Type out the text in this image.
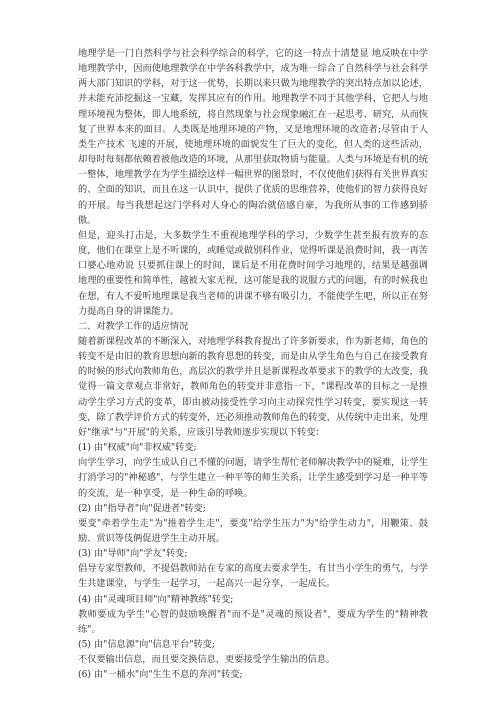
地理学是一门自然科学与社会科学综合的科学，它的这一特点十清楚显 地反映在中学地理教学中，因而使地理教学在中学各科教学中，成为唯一综合了自然科学与社会科学两大部门知识的学科，对于这一优势，长期以来只做为地理教学的突出特点加以论述，并未能充沛挖掘这一宝藏，发挥其应有的作用。地理教学不同于其他学科，它把人与地理环境视为整体，即人地系统，将自然现象与社会现象融汇在一起思考、研究，从而恢复了世界本来的面目。人类既是地理环境的产物，又是地理环境的改造者;尽管由于人类生产技术 飞速的开展，使地理环境的面貌发生了巨大的变化，但人类的这些活动，却每时每刻都依赖着被他改造的环境，从那里获取物质与能量。人类与环境是有机的统一整体，地理教学在为学生描绘这样一幅世界的图景时，不仅使他们获得有关世界真实的、全面的知识，而且在这一认识中，提供了优质的思维营养，使他们的智力获得良好的开展。每当我想起这门学科对人身心的陶冶就倍感自豪，为我所从事的工作感到骄傲。

但是，迎头打击是，大多数学生不重视地理学科的学习，少数学生甚至报有放弃的态度，他们在课堂上是不听课的，或睡觉或做别科作业，觉得听课是浪费时间，我一再苦口婆心地劝说 只要抓住课上的时间，课后是不用花费时间学习地理的，结果是越强调地理的重要性和简单性，越被大家无视，这可能是我的说服方式的问题，有的时候我也在想，有人不爱听地理课是我当老师的讲课不够有吸引力，不能使学生吧，所以正在努力提高自身的讲课能力。

二、对教学工作的适应情况

随着新课程改革的不断深入，对地理学科教育提出了许多新要求，作为新老师，角色的转变不是由旧的教育思想向新的教育思想的转变，而是由从学生角色与自己在接受教育的时候的形式向教师角色，高层次的教学并且是新课程改革要求下的教学的大改变，我觉得一篇文章观点非常好，教师角色的转变并非意指一下，"课程改革的目标之一是推动学生学习方式的变革，即由被动接受性学习向主动探究性学习转变，要实现这一转变，除了教学评价方式的转变外，还必须推动教师角色的转变，从传统中走出来，处理好"继承"与"开展"的关系，应该引导教师逐步实现以下转变：

(1) 由"权威"向"非权威"转变;

向学生学习，向学生成认自己不懂的问题，请学生帮忙老师解决教学中的疑难，让学生打消学习的"神秘感"，与学生建立一种平等的师生关系，让学生感受到学习是一种平等的交流，是一种享受，是一种生命的呼唤。

(2) 由"指导者"向"促进者"转变;

要变"牵着学生走"为"推着学生走"，要变"给学生压力"为"给学生动力"，用鞭策、鼓励、赏识等伎俩促进学生主动开展。

(3) 由"导师"向"学友"转变;

倡导专家型教师，不提倡教师站在专家的高度去要求学生，有甘当小学生的勇气，与学生共建课堂，与学生一起学习，一起高兴一起分享，一起成长。

(4) 由"灵魂项目师"向"精神教练"转变;

教师要成为学生"心智的鼓励唤醒者"而不是"灵魂的预设者"，要成为学生的"精神教练"。

(5) 由"信息源"向"信息平台"转变;

不仅要输出信息，而且要交换信息，更要接受学生输出的信息。

(6) 由"一桶水"向"生生不息的奔河"转变;
